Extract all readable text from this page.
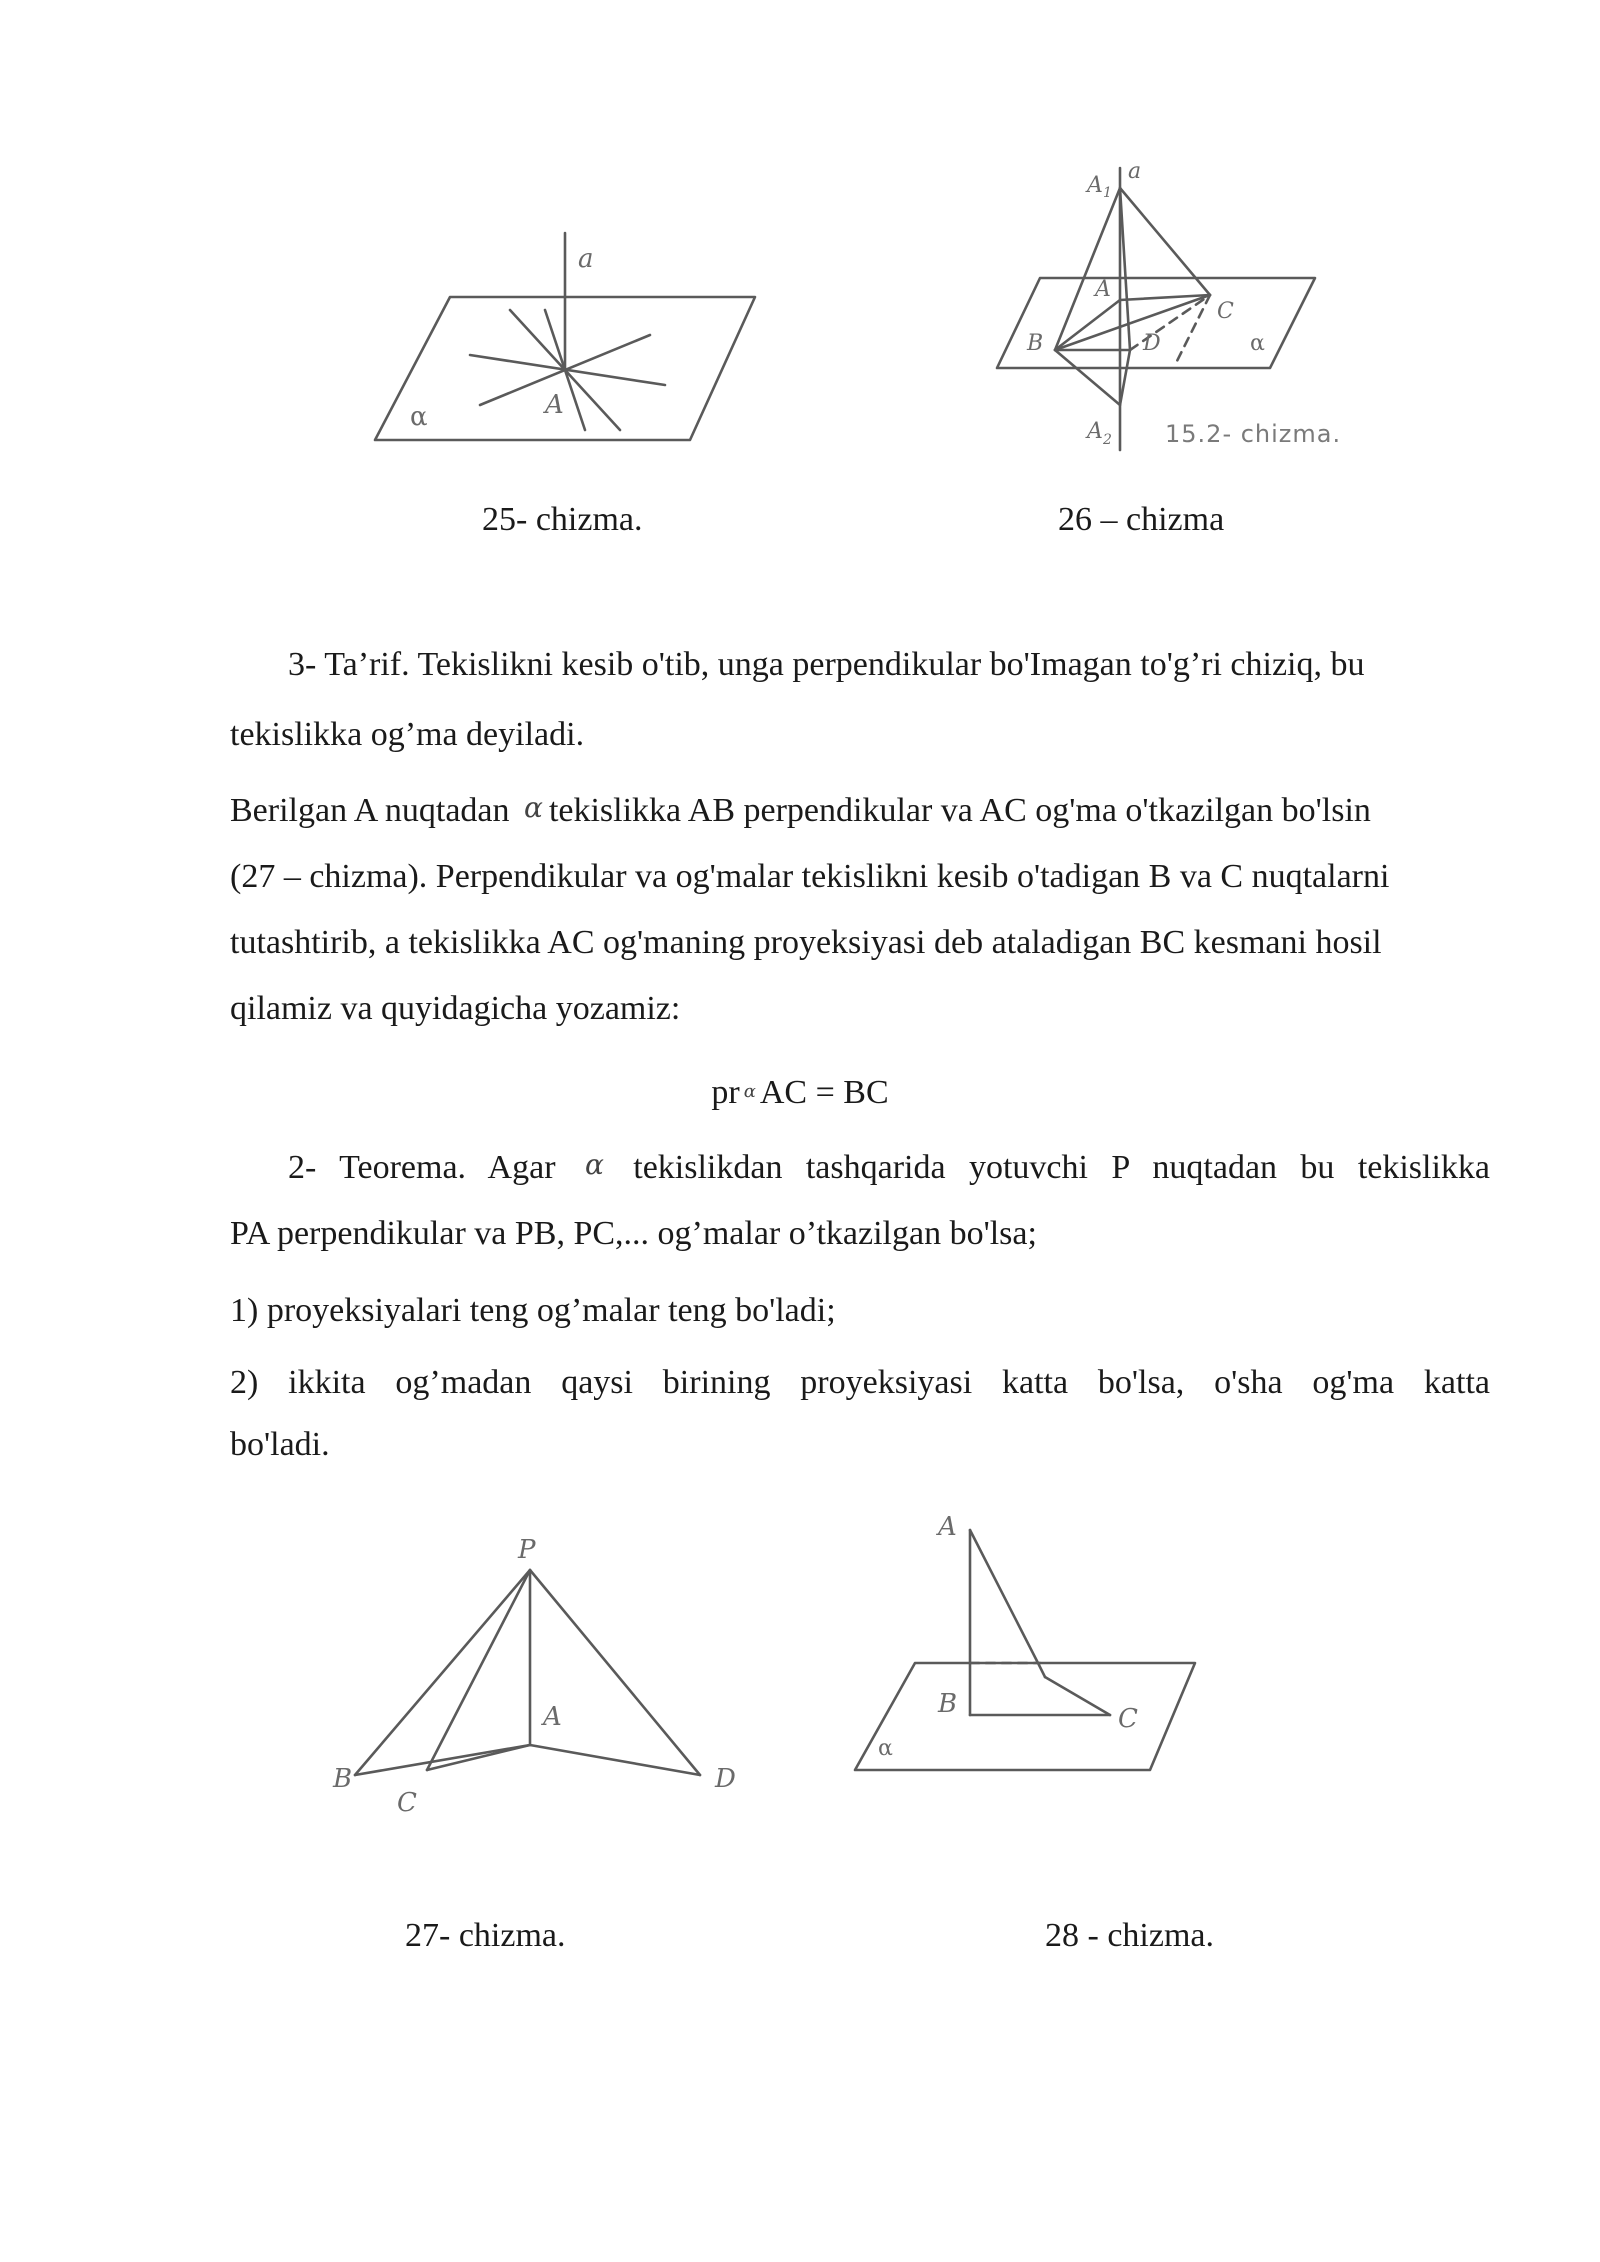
a
A
α
25- chizma.
A 1
a
A
B
C
D	α
A 2 15.2- chizma.
26 – chizma
3- Ta’rif. Tekislikni kesib o'tib, unga perpendikular bo'Imagan to'g’ri chiziq, bu
tekislikka og’ma deyiladi.
Berilgan A nuqtadan α tekislikka AB perpendikular va AC og'ma o'tkazilgan bo'lsin
(27 – chizma). Perpendikular va og'malar tekislikni kesib o'tadigan B va C nuqtalarni
tutashtirib, a tekislikka AC og'maning proyeksiyasi deb ataladigan BC kesmani hosil
qilamiz va quyidagicha yozamiz:
pr $^\alpha$ AC = BC
2- Teorema. Agar α tekislikdan tashqarida yotuvchi P nuqtadan bu tekislikka
PA perpendikular va PB, PC,... og’malar o’tkazilgan bo'lsa;
1) proyeksiyalari teng og’malar teng bo'ladi;
2) ikkita og’madan qaysi birining proyeksiyasi katta bo'lsa, o'sha og'ma katta
bo'ladi.
P
A
B
C
D
27- chizma.
A
B	C
α
28 - chizma.
